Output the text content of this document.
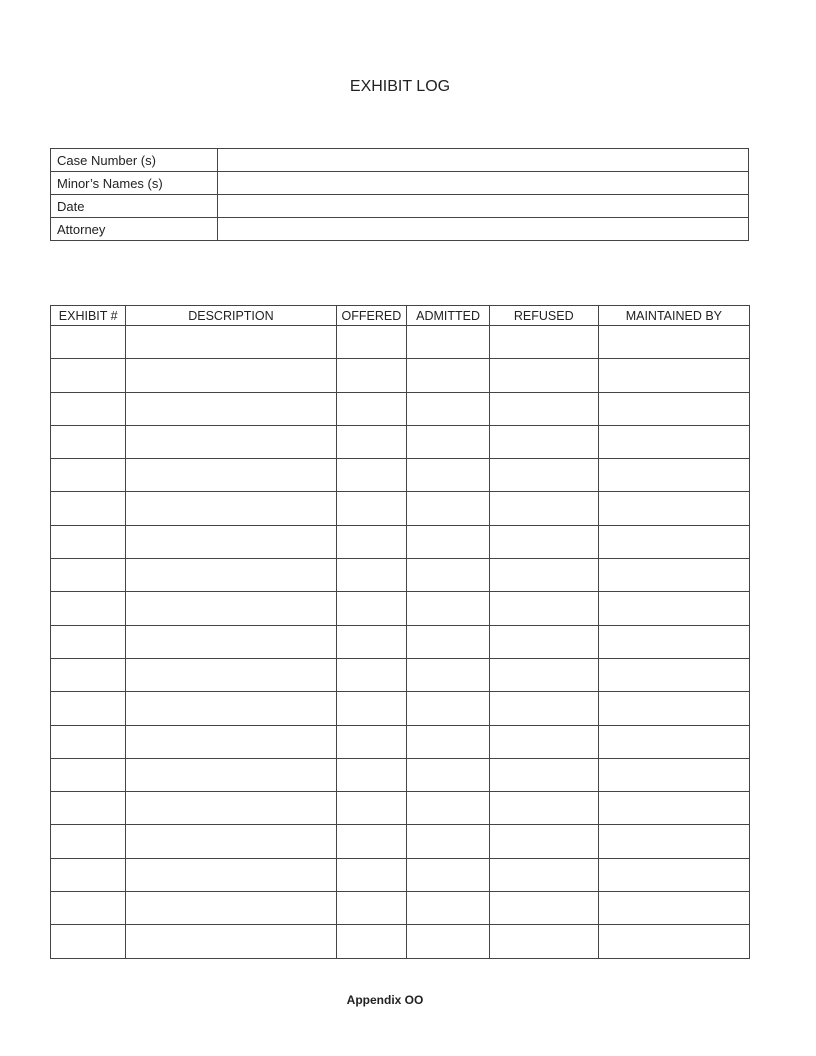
EXHIBIT LOG
Case Number (s)	
Minor’s Names (s)	
Date	
Attorney	
EXHIBIT #	DESCRIPTION	OFFERED	ADMITTED	REFUSED	MAINTAINED BY

Appendix OO
